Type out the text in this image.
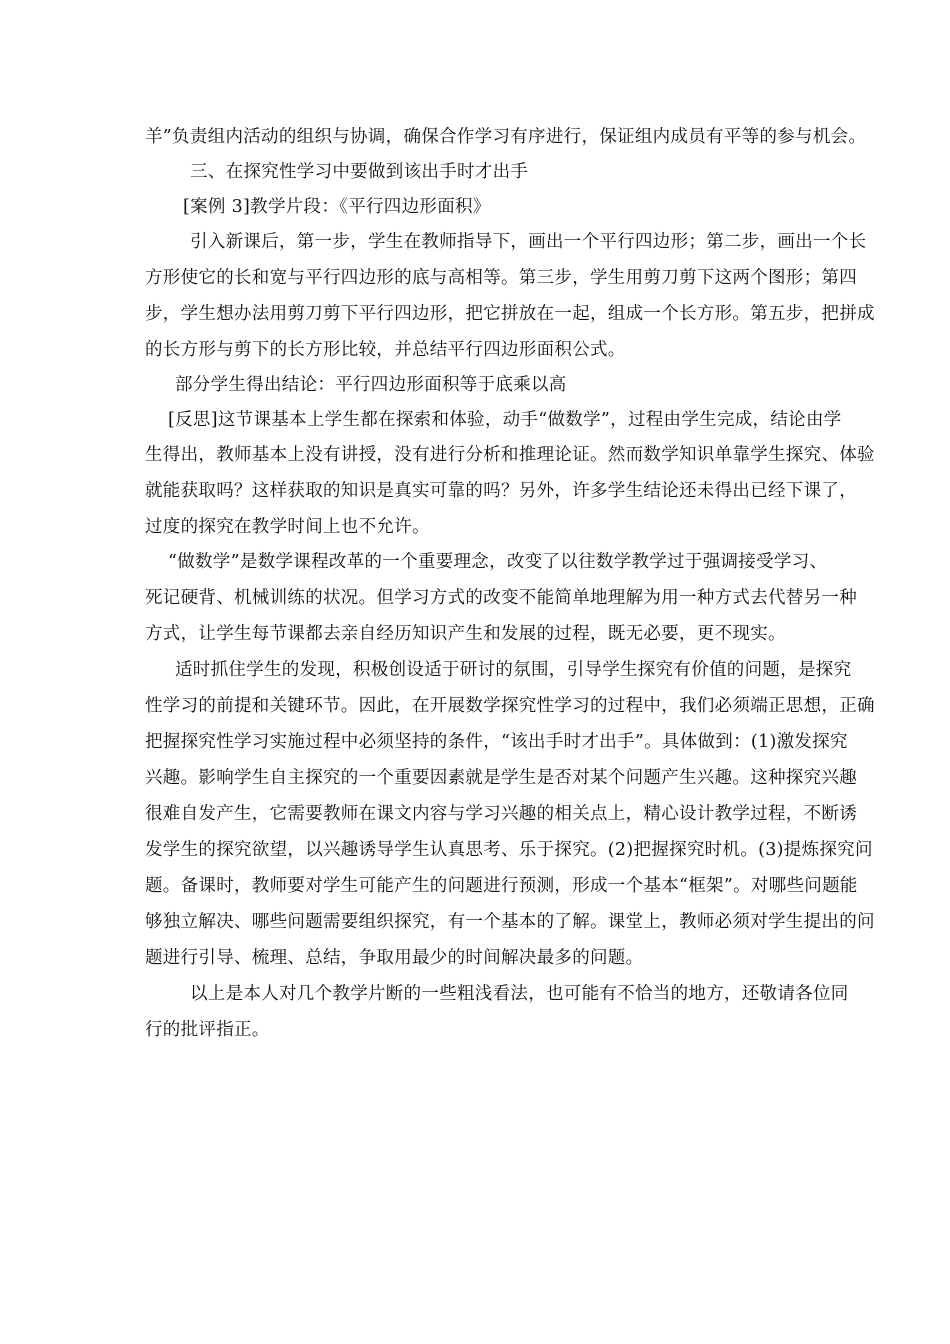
羊”负责组内活动的组织与协调，确保合作学习有序进行，保证组内成员有平等的参与机会。
三、在探究性学习中要做到该出手时才出手
[案例 3]教学片段：《平行四边形面积》
引入新课后，第一步，学生在教师指导下，画出一个平行四边形；第二步，画出一个长
方形使它的长和宽与平行四边形的底与高相等。第三步，学生用剪刀剪下这两个图形；第四
步，学生想办法用剪刀剪下平行四边形，把它拼放在一起，组成一个长方形。第五步，把拼成
的长方形与剪下的长方形比较，并总结平行四边形面积公式。
部分学生得出结论：平行四边形面积等于底乘以高
[反思]这节课基本上学生都在探索和体验，动手“做数学”，过程由学生完成，结论由学
生得出，教师基本上没有讲授，没有进行分析和推理论证。然而数学知识单靠学生探究、体验
就能获取吗？这样获取的知识是真实可靠的吗？另外，许多学生结论还未得出已经下课了，
过度的探究在教学时间上也不允许。
“做数学”是数学课程改革的一个重要理念，改变了以往数学教学过于强调接受学习、
死记硬背、机械训练的状况。但学习方式的改变不能简单地理解为用一种方式去代替另一种
方式，让学生每节课都去亲自经历知识产生和发展的过程，既无必要，更不现实。
适时抓住学生的发现，积极创设适于研讨的氛围，引导学生探究有价值的问题，是探究
性学习的前提和关键环节。因此，在开展数学探究性学习的过程中，我们必须端正思想，正确
把握探究性学习实施过程中必须坚持的条件，“该出手时才出手”。具体做到：(1)激发探究
兴趣。影响学生自主探究的一个重要因素就是学生是否对某个问题产生兴趣。这种探究兴趣
很难自发产生，它需要教师在课文内容与学习兴趣的相关点上，精心设计教学过程，不断诱
发学生的探究欲望，以兴趣诱导学生认真思考、乐于探究。(2)把握探究时机。(3)提炼探究问
题。备课时，教师要对学生可能产生的问题进行预测，形成一个基本“框架”。对哪些问题能
够独立解决、哪些问题需要组织探究，有一个基本的了解。课堂上，教师必须对学生提出的问
题进行引导、梳理、总结，争取用最少的时间解决最多的问题。
以上是本人对几个教学片断的一些粗浅看法，也可能有不恰当的地方，还敬请各位同
行的批评指正。
